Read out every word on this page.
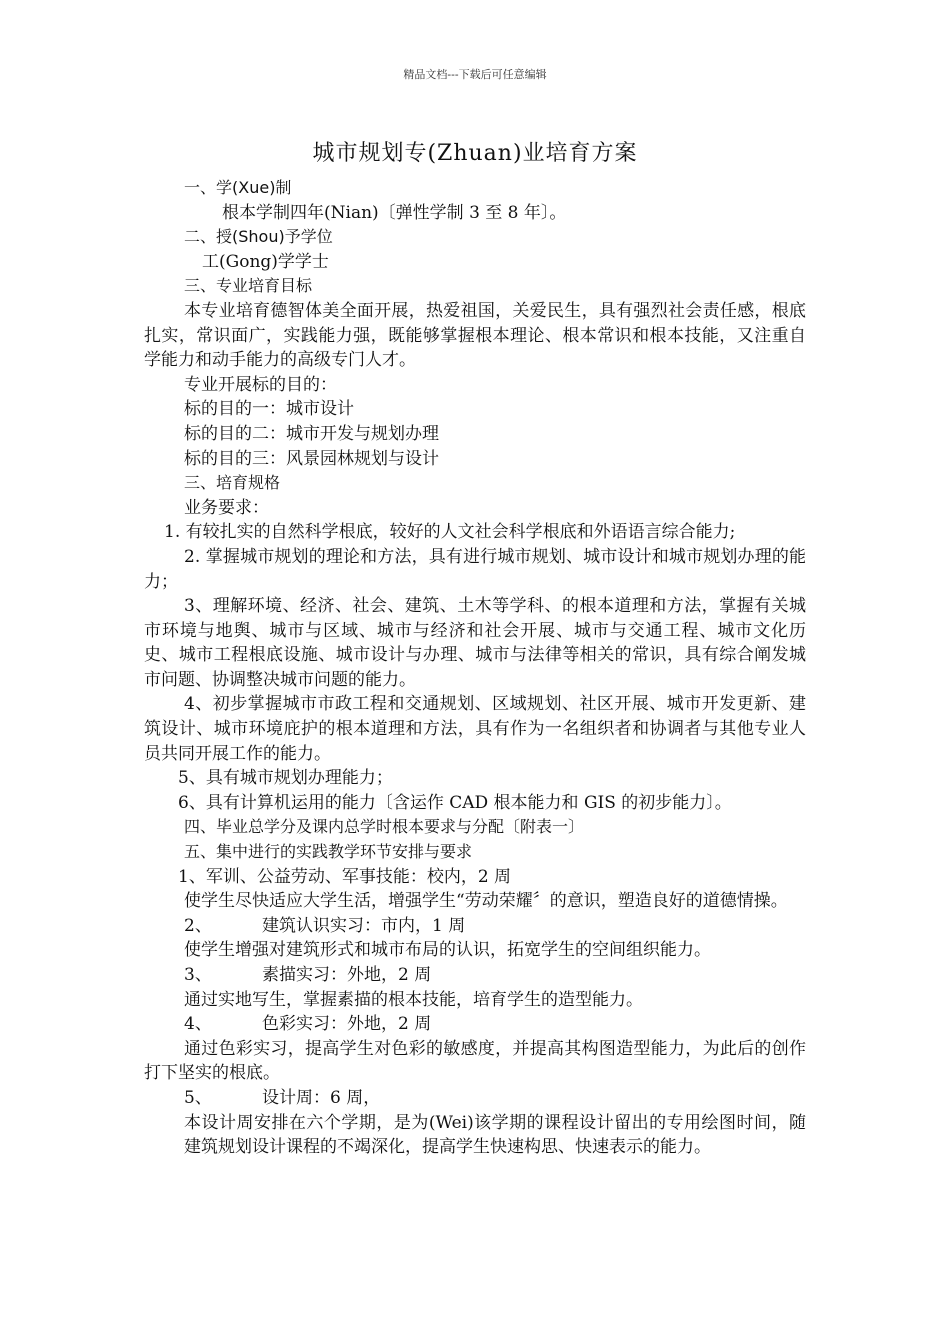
精品文档---下载后可任意编辑
城市规划专(Zhuan)业培育方案
一、学(Xue)制
根本学制四年(Nian)〔弹性学制 3 至 8 年〕。
二、授(Shou)予学位
工(Gong)学学士
三、专业培育目标
本专业培育德智体美全面开展，热爱祖国，关爱民生，具有强烈社会责任感，根底扎实，常识面广，实践能力强，既能够掌握根本理论、根本常识和根本技能，又注重自学能力和动手能力的高级专门人才。
专业开展标的目的：
标的目的一：城市设计
标的目的二：城市开发与规划办理
标的目的三：风景园林规划与设计
三、培育规格
业务要求：
1. 有较扎实的自然科学根底，较好的人文社会科学根底和外语语言综合能力;
2. 掌握城市规划的理论和方法，具有进行城市规划、城市设计和城市规划办理的能力；
3、理解环境、经济、社会、建筑、土木等学科、的根本道理和方法，掌握有关城市环境与地舆、城市与区域、城市与经济和社会开展、城市与交通工程、城市文化历史、城市工程根底设施、城市设计与办理、城市与法律等相关的常识，具有综合阐发城市问题、协调整决城市问题的能力。
4、初步掌握城市市政工程和交通规划、区域规划、社区开展、城市开发更新、建筑设计、城市环境庇护的根本道理和方法，具有作为一名组织者和协调者与其他专业人员共同开展工作的能力。
5、具有城市规划办理能力；
6、具有计算机运用的能力〔含运作 CAD 根本能力和 GIS 的初步能力〕。
四、毕业总学分及课内总学时根本要求与分配〔附表一〕
五、集中进行的实践教学环节安排与要求
1、军训、公益劳动、军事技能：校内，2 周
使学生尽快适应大学生活，增强学生“劳动荣耀〞的意识，塑造良好的道德情操。
2、	建筑认识实习：市内，1 周
使学生增强对建筑形式和城市布局的认识，拓宽学生的空间组织能力。
3、	素描实习：外地，2 周
通过实地写生，掌握素描的根本技能，培育学生的造型能力。
4、	色彩实习：外地，2 周
通过色彩实习，提高学生对色彩的敏感度，并提高其构图造型能力，为此后的创作打下坚实的根底。
5、	设计周：6 周，
本设计周安排在六个学期，是为(Wei)该学期的课程设计留出的专用绘图时间，随建筑规划设计课程的不竭深化，提高学生快速构思、快速表示的能力。
